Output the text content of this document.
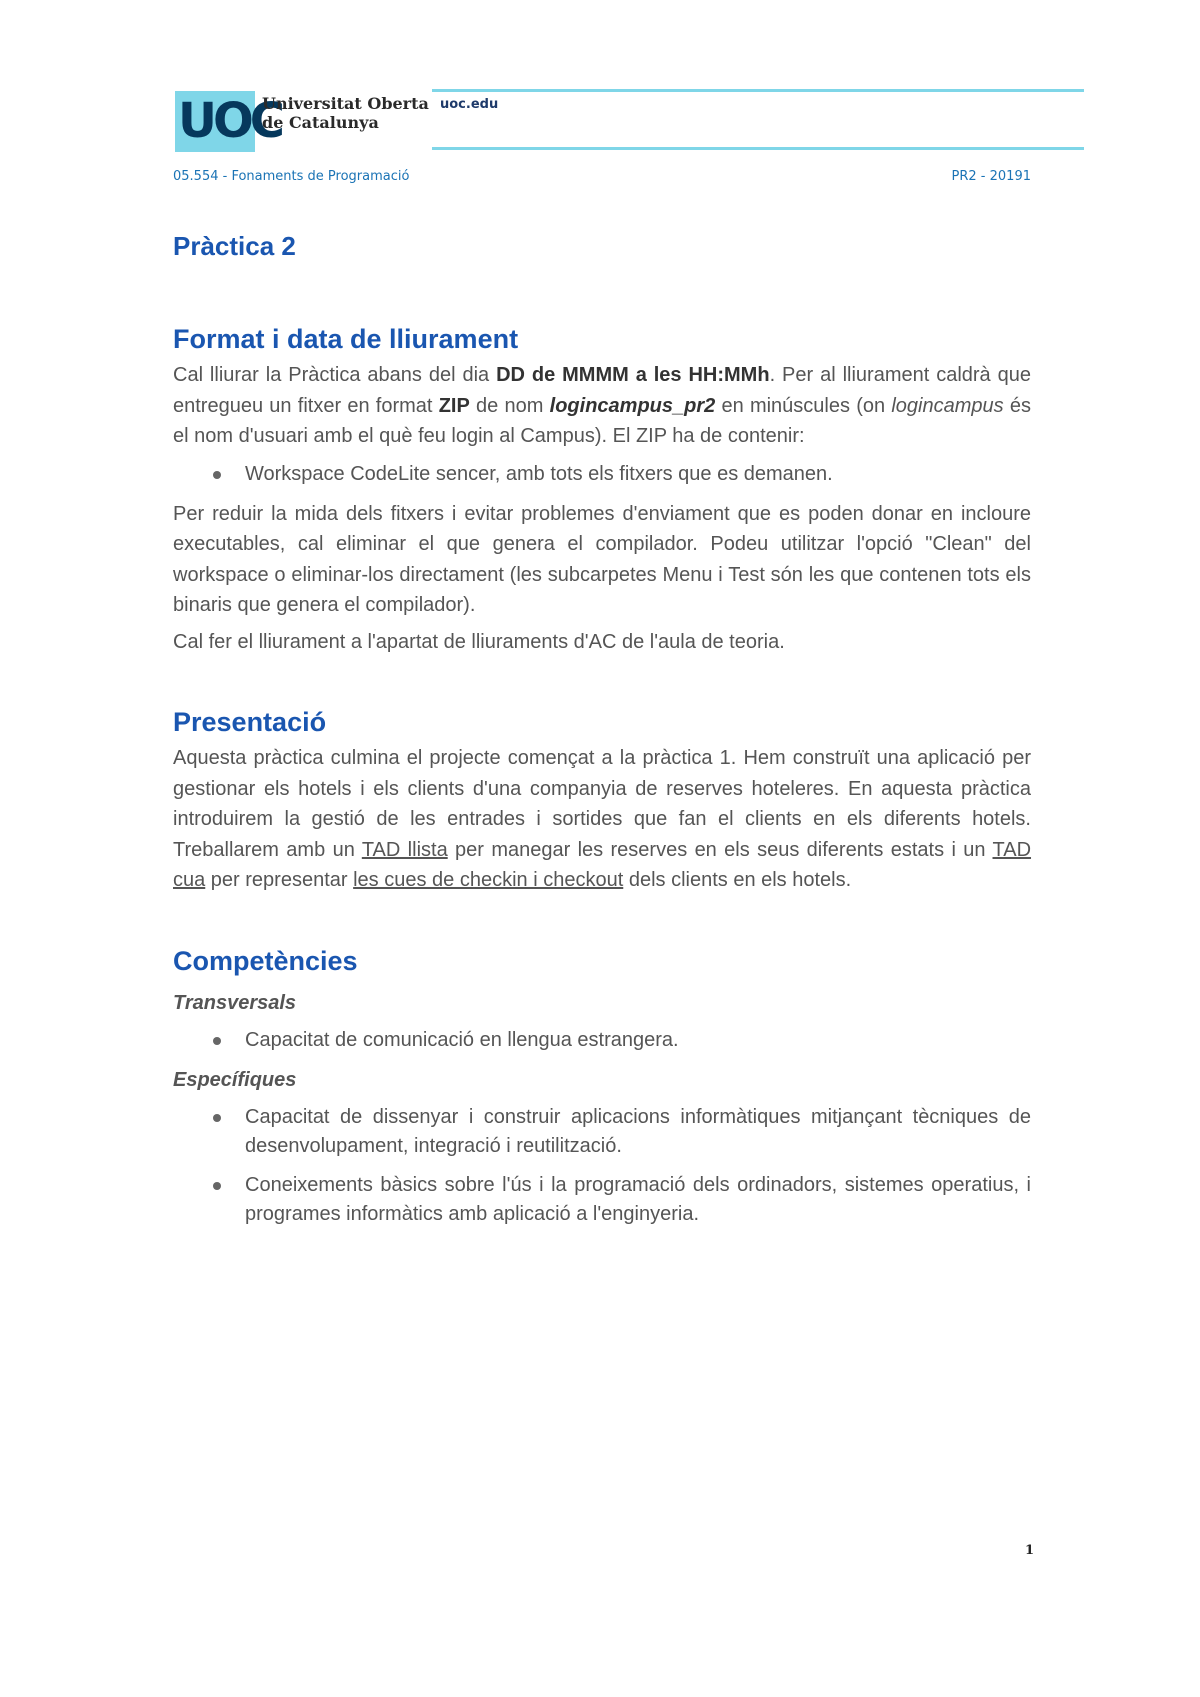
UOC
Universitat Oberta
de Catalunya
uoc.edu
05.554 - Fonaments de Programació	PR2 - 20191
Pràctica 2
Format i data de lliurament

Cal lliurar la Pràctica abans del dia DD de MMMM a les HH:MMh. Per al lliurament caldrà que entregueu un fitxer en format ZIP de nom logincampus_pr2 en minúscules (on logincampus és el nom d'usuari amb el què feu login al Campus). El ZIP ha de contenir:

Workspace CodeLite sencer, amb tots els fitxers que es demanen.

Per reduir la mida dels fitxers i evitar problemes d'enviament que es poden donar en incloure executables, cal eliminar el que genera el compilador. Podeu utilitzar l'opció "Clean" del workspace o eliminar-los directament (les subcarpetes Menu i Test són les que contenen tots els binaris que genera el compilador).

Cal fer el lliurament a l'apartat de lliuraments d'AC de l'aula de teoria.

Presentació

Aquesta pràctica culmina el projecte començat a la pràctica 1. Hem construït una aplicació per gestionar els hotels i els clients d'una companyia de reserves hoteleres. En aquesta pràctica introduirem la gestió de les entrades i sortides que fan el clients en els diferents hotels. Treballarem amb un TAD llista per manegar les reserves en els seus diferents estats i un TAD cua per representar les cues de checkin i checkout dels clients en els hotels.

Competències
Transversals
Capacitat de comunicació en llengua estrangera.
Específiques
Capacitat de dissenyar i construir aplicacions informàtiques mitjançant tècniques de desenvolupament, integració i reutilització.
Coneixements bàsics sobre l'ús i la programació dels ordinadors, sistemes operatius, i programes informàtics amb aplicació a l'enginyeria.
1
